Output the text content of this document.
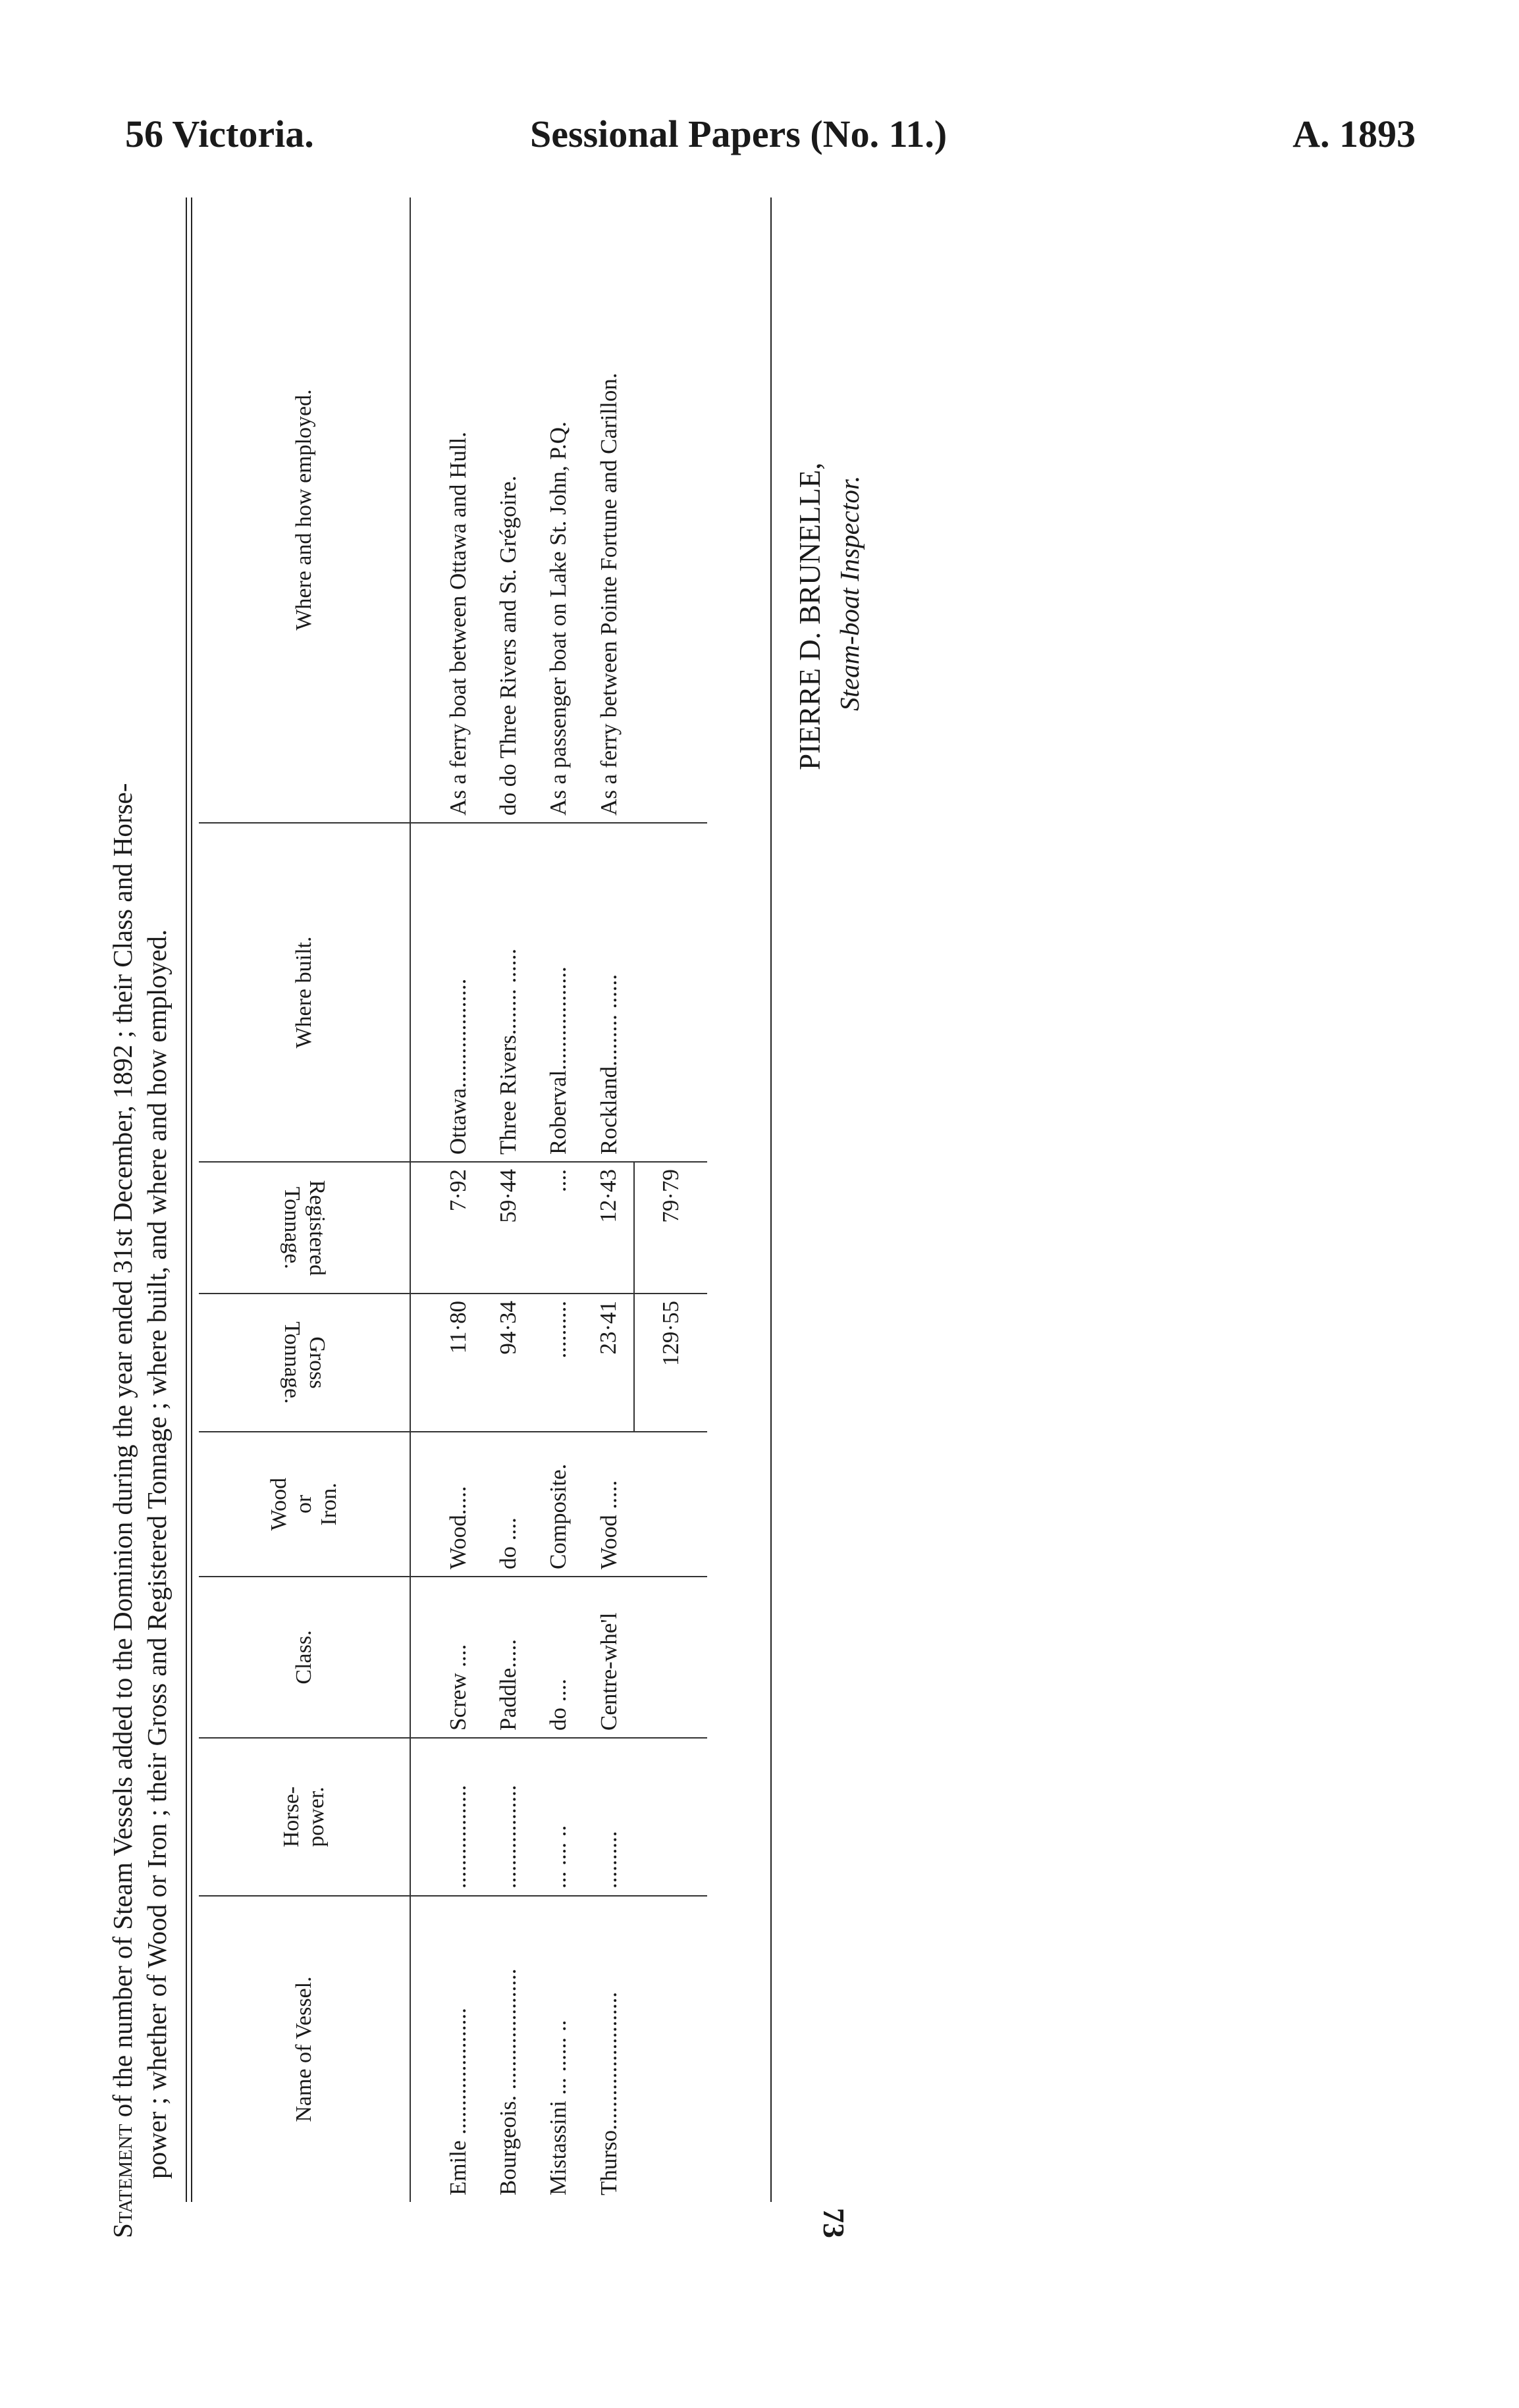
56 Victoria.	Sessional Papers (No. 11.)	A. 1893

Statement of the number of Steam Vessels added to the Dominion during the year ended 31st December, 1892 ; their Class and Horse- power ; whether of Wood or Iron ; their Gross and Registered Tonnage ; where built, and where and how employed.	Name of Vessel.	Horse-
power.	Class.	Wood
or
Iron.	Gross Tonnage.	Registered
Tonnage.	Where built.	Where and how employed.
Emile ......................	..................	Screw ....	Wood.....	11·80	7·92	Ottawa...................	As a ferry boat between Ottawa and Hull.
Bourgeois. .....................	..................	Paddle.....	do ....	94·34	59·44	Three Rivers........ ......	do do Three Rivers and St. Grégoire.
Mistassini ... ...... ..	... .... ..	do ....	Composite.	..........	....	Roberval..................	As a passenger boat on Lake St. John, P.Q.
Thurso........................	..........	Centre-whe'l	Wood .....	23·41	12·43	Rockland......... ......	As a ferry between Pointe Fortune and Carillon.
				129·55	79·79		
PIERRE D. BRUNELLE, Steam-boat Inspector.
73
